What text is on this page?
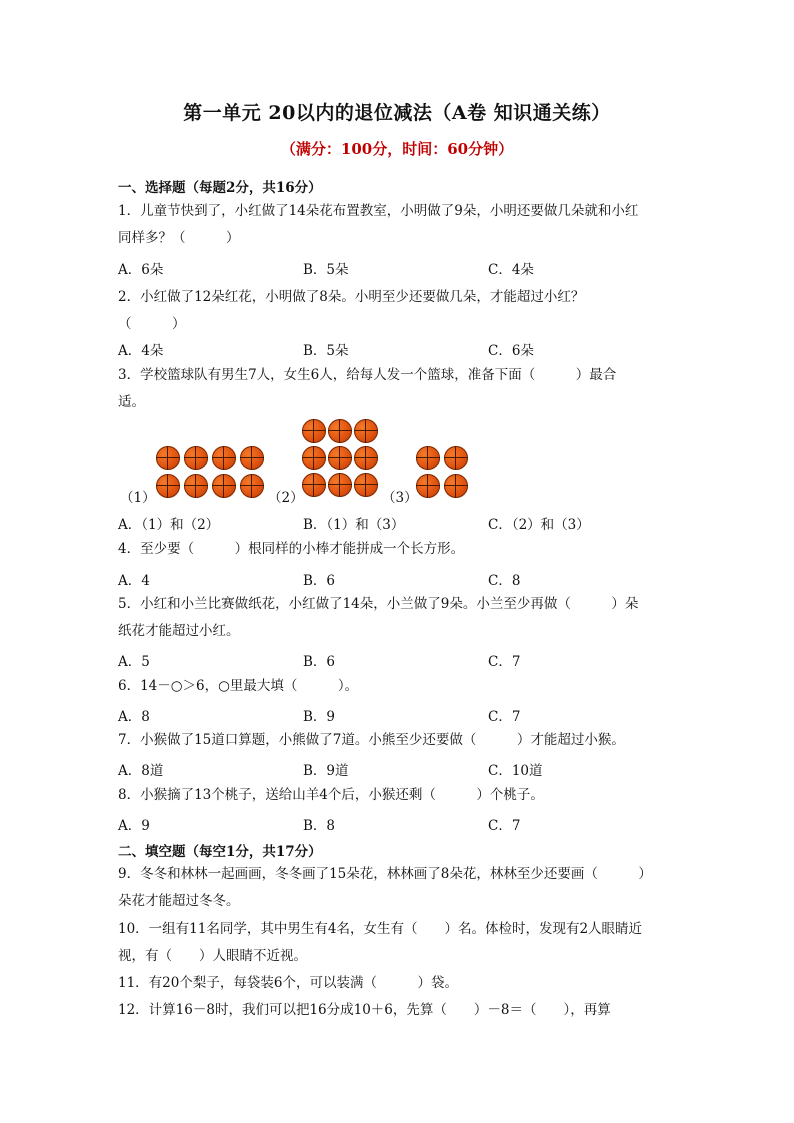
第一单元 20以内的退位减法（A卷 知识通关练）
（满分：100分，时间：60分钟）
一、选择题（每题2分，共16分）
1．儿童节快到了，小红做了14朵花布置教室，小明做了9朵，小明还要做几朵就和小红
同样多？（　　　）
A．6朵	B．5朵	C．4朵
2．小红做了12朵红花，小明做了8朵。小明至少还要做几朵，才能超过小红？
（　　　）
A．4朵	B．5朵	C．6朵
3．学校篮球队有男生7人，女生6人，给每人发一个篮球，准备下面（　　　）最合
适。
（1）	（2）	（3）
A．（1）和（2）	B．（1）和（3）	C．（2）和（3）
4．至少要（　　　）根同样的小棒才能拼成一个长方形。
A．4	B．6	C．8
5．小红和小兰比赛做纸花，小红做了14朵，小兰做了9朵。小兰至少再做（　　　）朵
纸花才能超过小红。
A．5	B．6	C．7
6．14－○＞6，○里最大填（　　　）。
A．8	B．9	C．7
7．小猴做了15道口算题，小熊做了7道。小熊至少还要做（　　　）才能超过小猴。
A．8道	B．9道	C．10道
8．小猴摘了13个桃子，送给山羊4个后，小猴还剩（　　　）个桃子。
A．9	B．8	C．7
二、填空题（每空1分，共17分）
9．冬冬和林林一起画画，冬冬画了15朵花，林林画了8朵花，林林至少还要画（　　　）
朵花才能超过冬冬。
10．一组有11名同学，其中男生有4名，女生有（　　）名。体检时，发现有2人眼睛近
视，有（　　）人眼睛不近视。
11．有20个梨子，每袋装6个，可以装满（　　　）袋。
12．计算16－8时，我们可以把16分成10＋6，先算（　　）－8＝（　　），再算
